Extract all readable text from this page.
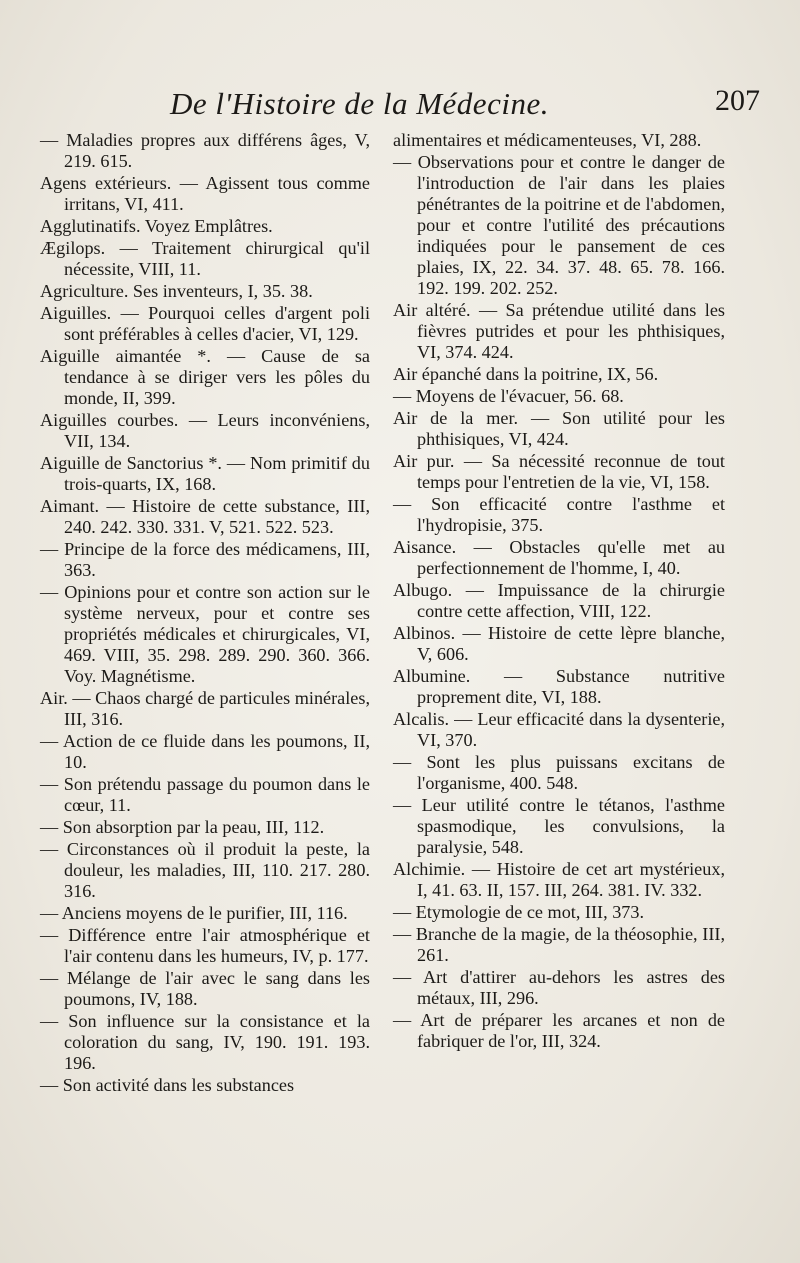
De l'Histoire de la Médecine.	207
— Maladies propres aux différens âges, V, 219. 615.
Agens extérieurs. — Agissent tous comme irritans, VI, 411.
Agglutinatifs. Voyez Emplâtres.
Ægilops. — Traitement chirurgical qu'il nécessite, VIII, 11.
Agriculture. Ses inventeurs, I, 35. 38.
Aiguilles. — Pourquoi celles d'argent poli sont préférables à celles d'acier, VI, 129.
Aiguille aimantée *. — Cause de sa tendance à se diriger vers les pôles du monde, II, 399.
Aiguilles courbes. — Leurs inconvéniens, VII, 134.
Aiguille de Sanctorius *. — Nom primitif du trois-quarts, IX, 168.
Aimant. — Histoire de cette substance, III, 240. 242. 330. 331. V, 521. 522. 523.
— Principe de la force des médicamens, III, 363.
— Opinions pour et contre son action sur le système nerveux, pour et contre ses propriétés médicales et chirurgicales, VI, 469. VIII, 35. 298. 289. 290. 360. 366. Voy. Magnétisme.
Air. — Chaos chargé de particules minérales, III, 316.
— Action de ce fluide dans les poumons, II, 10.
— Son prétendu passage du poumon dans le cœur, 11.
— Son absorption par la peau, III, 112.
— Circonstances où il produit la peste, la douleur, les maladies, III, 110. 217. 280. 316.
— Anciens moyens de le purifier, III, 116.
— Différence entre l'air atmosphérique et l'air contenu dans les humeurs, IV, p. 177.
— Mélange de l'air avec le sang dans les poumons, IV, 188.
— Son influence sur la consistance et la coloration du sang, IV, 190. 191. 193. 196.
— Son activité dans les substances
alimentaires et médicamenteuses, VI, 288.
— Observations pour et contre le danger de l'introduction de l'air dans les plaies pénétrantes de la poitrine et de l'abdomen, pour et contre l'utilité des précautions indiquées pour le pansement de ces plaies, IX, 22. 34. 37. 48. 65. 78. 166. 192. 199. 202. 252.
Air altéré. — Sa prétendue utilité dans les fièvres putrides et pour les phthisiques, VI, 374. 424.
Air épanché dans la poitrine, IX, 56.
— Moyens de l'évacuer, 56. 68.
Air de la mer. — Son utilité pour les phthisiques, VI, 424.
Air pur. — Sa nécessité reconnue de tout temps pour l'entretien de la vie, VI, 158.
— Son efficacité contre l'asthme et l'hydropisie, 375.
Aisance. — Obstacles qu'elle met au perfectionnement de l'homme, I, 40.
Albugo. — Impuissance de la chirurgie contre cette affection, VIII, 122.
Albinos. — Histoire de cette lèpre blanche, V, 606.
Albumine. — Substance nutritive proprement dite, VI, 188.
Alcalis. — Leur efficacité dans la dysenterie, VI, 370.
— Sont les plus puissans excitans de l'organisme, 400. 548.
— Leur utilité contre le tétanos, l'asthme spasmodique, les convulsions, la paralysie, 548.
Alchimie. — Histoire de cet art mystérieux, I, 41. 63. II, 157. III, 264. 381. IV. 332.
— Etymologie de ce mot, III, 373.
— Branche de la magie, de la théosophie, III, 261.
— Art d'attirer au-dehors les astres des métaux, III, 296.
— Art de préparer les arcanes et non de fabriquer de l'or, III, 324.
